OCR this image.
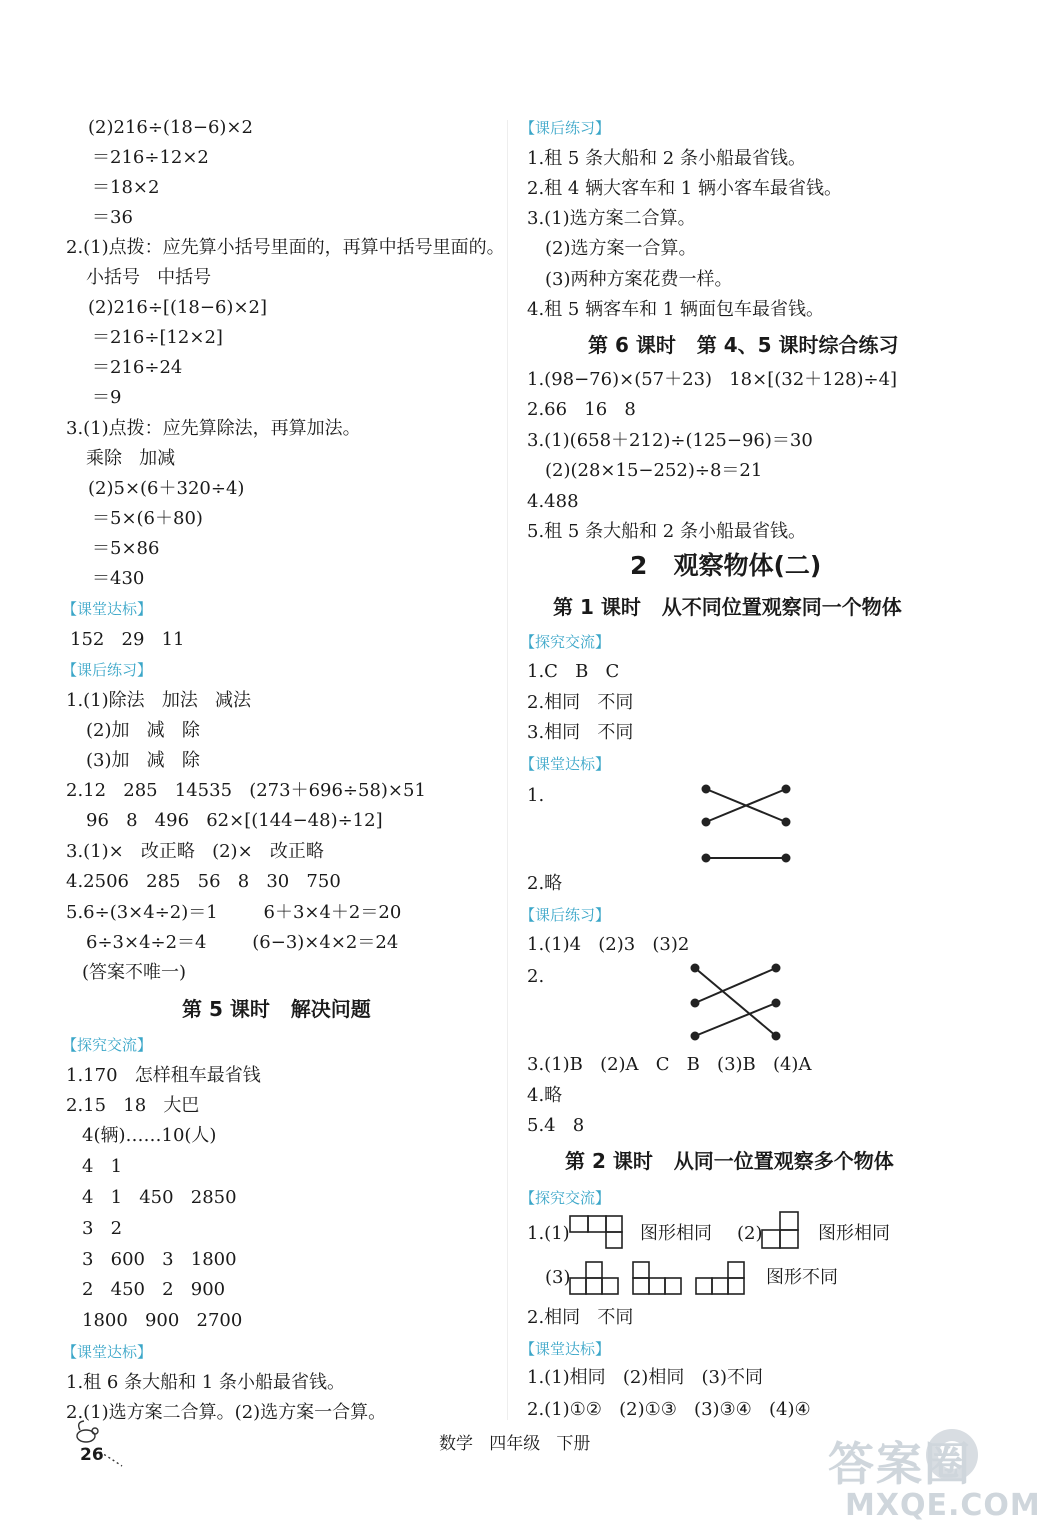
(2)216÷(18−6)×2
＝216÷12×2
＝18×2
＝36
2.(1)点拨：应先算小括号里面的，再算中括号里面的。
小括号   中括号
(2)216÷[(18−6)×2]
＝216÷[12×2]
＝216÷24
＝9
3.(1)点拨：应先算除法，再算加法。
乘除   加减
(2)5×(6＋320÷4)
＝5×(6＋80)
＝5×86
＝430
【课堂达标】
152   29   11
【课后练习】
1.(1)除法   加法   减法
(2)加   减   除
(3)加   减   除
2.12   285   14535   (273＋696÷58)×51
96   8   496   62×[(144−48)÷12]
3.(1)×   改正略   (2)×   改正略
4.2506   285   56   8   30   750
5.6÷(3×4÷2)＝1        6＋3×4＋2＝20
6÷3×4÷2＝4        (6−3)×4×2＝24
(答案不唯一)
第 5 课时   解决问题
【探究交流】
1.170   怎样租车最省钱
2.15   18   大巴
4(辆)……10(人)
4   1
4   1   450   2850
3   2
3   600   3   1800
2   450   2   900
1800   900   2700
【课堂达标】
1.租 6 条大船和 1 条小船最省钱。
2.(1)选方案二合算。(2)选方案一合算。
【课后练习】
1.租 5 条大船和 2 条小船最省钱。
2.租 4 辆大客车和 1 辆小客车最省钱。
3.(1)选方案二合算。
(2)选方案一合算。
(3)两种方案花费一样。
4.租 5 辆客车和 1 辆面包车最省钱。
第 6 课时   第 4、5 课时综合练习
1.(98−76)×(57＋23)   18×[(32＋128)÷4]
2.66   16   8
3.(1)(658＋212)÷(125−96)＝30
(2)(28×15−252)÷8＝21
4.488
5.租 5 条大船和 2 条小船最省钱。
2   观察物体(二)
第 1 课时   从不同位置观察同一个物体
【探究交流】
1.C   B   C
2.相同   不同
3.相同   不同
【课堂达标】
1.
2.略
【课后练习】
1.(1)4   (2)3   (3)2
2.
3.(1)B   (2)A   C   B   (3)B   (4)A
4.略
5.4   8
第 2 课时   从同一位置观察多个物体
【探究交流】
1.(1)	图形相同 (2)	图形相同
(3)	图形不同
2.相同   不同
【课堂达标】
1.(1)相同   (2)相同   (3)不同
2.(1)①②   (2)①③   (3)③④   (4)④
26
数学   四年级   下册	答案圈
MXQE.COM
